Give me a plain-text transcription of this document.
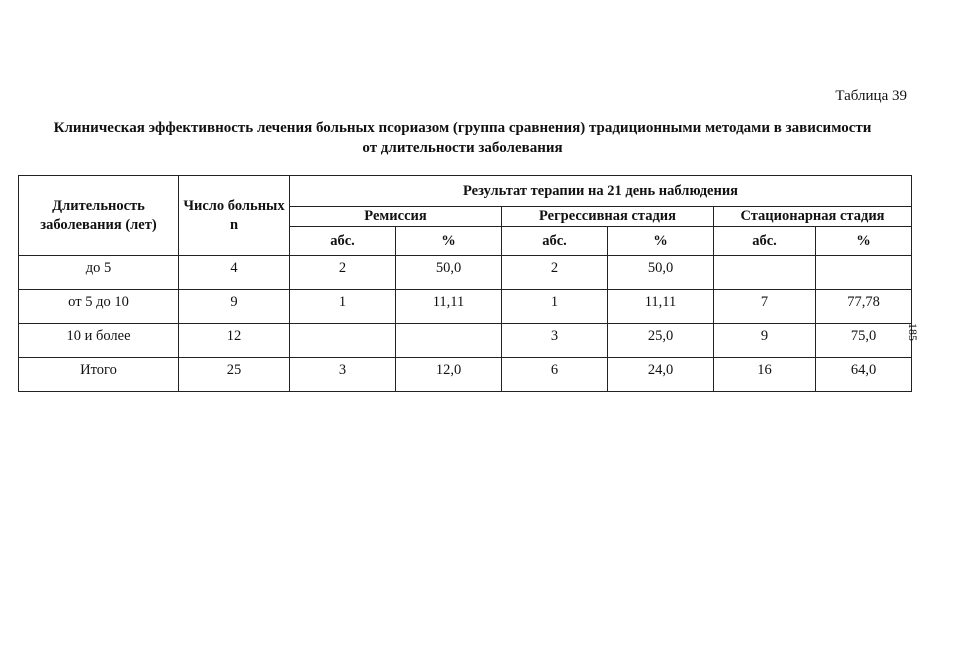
Таблица 39
Клиническая эффективность лечения больных псориазом (группа сравнения) традиционными методами в зависимости от длительности заболевания
Длительность заболевания (лет)	Число больных n	Результат терапии на 21 день наблюдения					
		Ремиссия		Регрессивная стадия		Стационарная стадия	
		абс.	%	абс.	%	абс.	%
до 5	4	2	50,0	2	50,0		
от 5 до 10	9	1	11,11	1	11,11	7	77,78
10 и более	12			3	25,0	9	75,0
Итого	25	3	12,0	6	24,0	16	64,0
185
